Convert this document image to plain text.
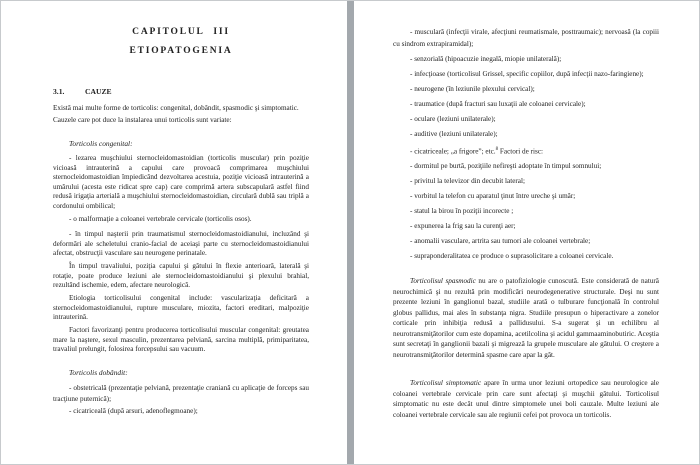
CAPITOLUL III
ETIOPATOGENIA
3.1.	CAUZE

Există mai multe forme de torticolis: congenital, dobândit, spasmodic şi simptomatic.

Cauzele care pot duce la instalarea unui torticolis sunt variate:

Torticolis congenital:

- lezarea muşchiului sternocleidomastoidian (torticolis muscular) prin poziţie vicioasă intrauterină a capului care provoacă comprimarea muşchiului sternocleidomastoidian împiedicând dezvoltarea acestuia, poziţie vicioasă intrauterină a umărului (acesta este ridicat spre cap) care comprimă artera subscapulară astfel fiind redusă irigaţia arterială a muşchiului sternocleidomastoidian, circulară dublă sau triplă a cordonului ombilical;

- o malformaţie a coloanei vertebrale cervicale (torticolis osos).

- în timpul naşterii prin traumatismul sternocleidomastoidianului, incluzând şi deformări ale scheletului cranio-facial de aceiaşi parte cu sternocleidomastoidianului afectat, obstrucţii vasculare sau neurogene perinatale.

În timpul travaliului, poziţia capului şi gâtului în flexie anterioară, laterală şi rotaţie, poate produce leziuni ale sternocleidomastoidianului şi plexului brahial, rezultând ischemie, edem, afectare neurologică.

Etiologia torticolisului congenital include: vascularizaţia deficitară a sternocleidomastoidianului, rupture musculare, miozita, factori ereditari, malpoziţie intrauterină.

Factori favorizanţi pentru producerea torticolisului muscular congenital: greutatea mare la naştere, sexul masculin, prezentarea pelviană, sarcina multiplă, primiparitatea, travaliul prelungit, folosirea forcepsului sau vacuum.

Torticolis dobândit:

- obstetricală (prezentaţie pelviană, prezentaţie craniană cu aplicaţie de forceps sau tracţiune puternică);

- cicatriceală (după arsuri, adenoflegmoane);

- musculară (infecţii virale, afecţiuni reumatismale, posttraumaic); nervoasă (la copiii cu sindrom extrapiramidal);

- senzorială (hipoacuzie inegală, miopie unilaterală);

- infecţioase (torticolisul Grissel, specific copiilor, după infecţii nazo-faringiene);

- neurogene (în leziunile plexului cervical);

- traumatice (după fracturi sau luxaţii ale coloanei cervicale);

- oculare (leziuni unilaterale);

- auditive (leziuni unilaterale);

- cicatriceale; „a frigore”; etc.$^8$ Factori de risc:

- dormitul pe burtă, poziţiile nefireşti adoptate în timpul somnului;

- privitul la televizor din decubit lateral;

- vorbitul la telefon cu aparatul ţinut între ureche şi umăr;

- statul la birou în poziţii incorecte ;

- expunerea la frig sau la curenţi aer;

- anomalii vasculare, artrita sau tumori ale coloanei vertebrale;

- supraponderalitatea ce produce o suprasolicitare a coloanei cervicale.

Torticolisul spasmodic nu are o patofiziologie cunoscută. Este considerată de natură neurochimică şi nu rezultă prin modificări neurodegenerative structurale. Deşi nu sunt prezente leziuni în ganglionul bazal, studiile arată o tulburare funcţională în controlul globus pallidus, mai ales în substanţa nigra. Studiile presupun o hiperactivare a zonelor corticale prin inhibiţia redusă a pallidusului. S-a sugerat şi un echilibru al neurotransmiţătorilor cum este dopamina, acetilcolina şi acidul gammaaminobutiric. Aceştia sunt secretaţi în ganglionii bazali şi migrează la grupele musculare ale gâtului. O creştere a neurotransmiţătorilor determină spasme care apar la gât.

Torticolisul simptomatic apare în urma unor leziuni ortopedice sau neurologice ale coloanei vertebrale cervicale prin care sunt afectaţi şi muşchii gâtului. Torticolisul simptomatic nu este decât unul dintre simptomele unei boli cauzale. Multe leziuni ale coloanei vertebrale cervicale sau ale regiunii cefei pot provoca un torticolis.
